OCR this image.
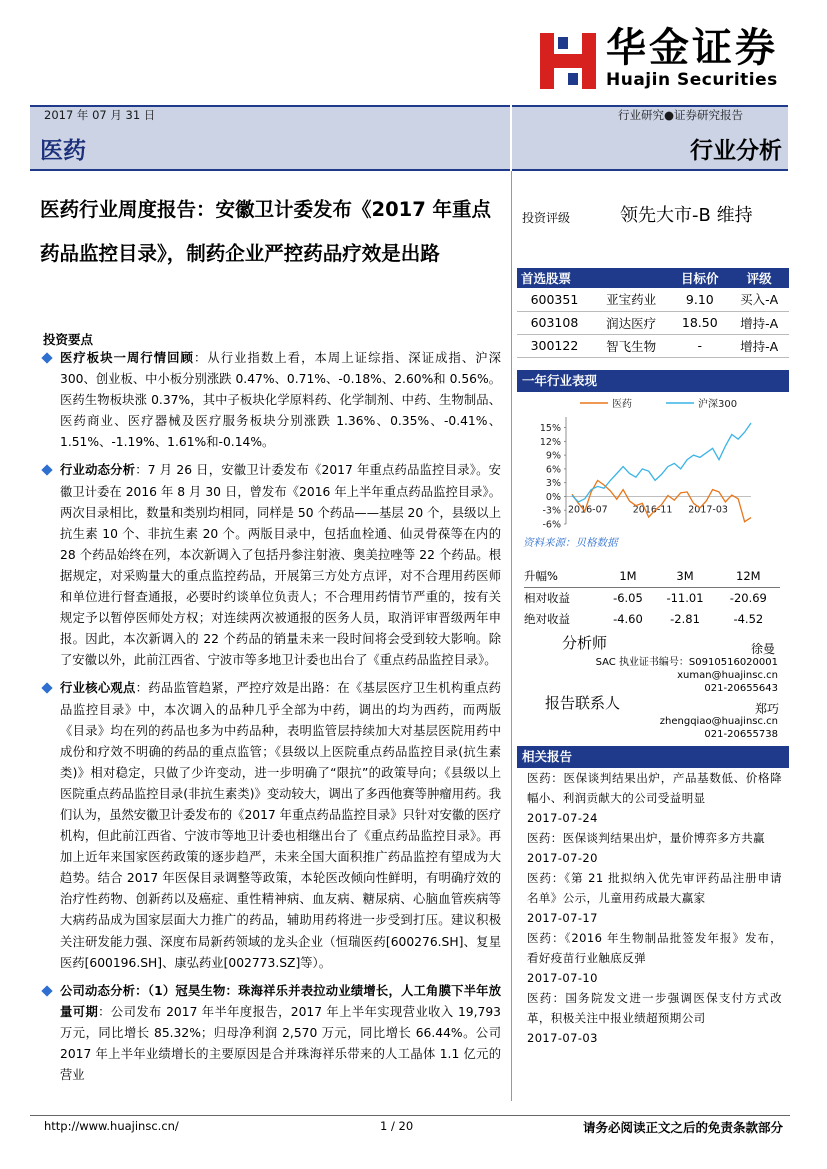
华金证券
Huajin Securities
2017 年 07 月 31 日
医药
行业研究●证券研究报告
行业分析
医药行业周度报告：安徽卫计委发布《2017 年重点药品监控目录》，制药企业严控药品疗效是出路
投资要点

医疗板块一周行情回顾：从行业指数上看，本周上证综指、深证成指、沪深 300、创业板、中小板分别涨跌 0.47%、0.71%、-0.18%、2.60%和 0.56%。医药生物板块涨 0.37%，其中子板块化学原料药、化学制剂、中药、生物制品、医药商业、医疗器械及医疗服务板块分别涨跌 1.36%、0.35%、-0.41%、1.51%、-1.19%、1.61%和-0.14%。

行业动态分析：7 月 26 日，安徽卫计委发布《2017 年重点药品监控目录》。安徽卫计委在 2016 年 8 月 30 日，曾发布《2016 年上半年重点药品监控目录》。两次目录相比，数量和类别均相同，同样是 50 个药品——基层 20 个，县级以上抗生素 10 个、非抗生素 20 个。两版目录中，包括血栓通、仙灵骨葆等在内的 28 个药品始终在列，本次新调入了包括丹参注射液、奥美拉唑等 22 个药品。根据规定，对采购量大的重点监控药品，开展第三方处方点评，对不合理用药医师和单位进行督查通报，必要时约谈单位负责人；不合理用药情节严重的，按有关规定予以暂停医师处方权；对连续两次被通报的医务人员，取消评审晋级两年申报。因此，本次新调入的 22 个药品的销量未来一段时间将会受到较大影响。除了安徽以外，此前江西省、宁波市等多地卫计委也出台了《重点药品监控目录》。

行业核心观点：药品监管趋紧，严控疗效是出路：在《基层医疗卫生机构重点药品监控目录》中，本次调入的品种几乎全部为中药，调出的均为西药，而两版《目录》均在列的药品也多为中药品种，表明监管层持续加大对基层医院用药中成份和疗效不明确的药品的重点监管；《县级以上医院重点药品监控目录(抗生素类)》相对稳定，只做了少许变动，进一步明确了“限抗”的政策导向；《县级以上医院重点药品监控目录(非抗生素类)》变动较大，调出了多西他赛等肿瘤用药。我们认为，虽然安徽卫计委发布的《2017 年重点药品监控目录》只针对安徽的医疗机构，但此前江西省、宁波市等地卫计委也相继出台了《重点药品监控目录》。再加上近年来国家医药政策的逐步趋严，未来全国大面积推广药品监控有望成为大趋势。结合 2017 年医保目录调整等政策，本轮医改倾向性鲜明，有明确疗效的治疗性药物、创新药以及癌症、重性精神病、血友病、糖尿病、心脑血管疾病等大病药品成为国家层面大力推广的药品，辅助用药将进一步受到打压。建议积极关注研发能力强、深度布局新药领域的龙头企业（恒瑞医药[600276.SH]、复星医药[600196.SH]、康弘药业[002773.SZ]等）。

公司动态分析：（1）冠昊生物：珠海祥乐并表拉动业绩增长，人工角膜下半年放量可期：公司发布 2017 年半年度报告，2017 年上半年实现营业收入 19,793 万元，同比增长 85.32%；归母净利润 2,570 万元，同比增长 66.44%。公司 2017 年上半年业绩增长的主要原因是合并珠海祥乐带来的人工晶体 1.1 亿元的营业

投资评级	领先大市-B 维持
首选股票		目标价	评级
600351	亚宝药业	9.10	买入-A
603108	润达医疗	18.50	增持-A
300122	智飞生物	-	增持-A
一年行业表现
医药	沪深300
15%
12%
9%
6%
3%
0%
-3%
-6%
2016-07	2016-11 2017-03
资料来源：贝格数据
升幅%	1M	3M	12M
相对收益	-6.05	-11.01	-20.69
绝对收益	-4.60	-2.81	-4.52
分析师	徐曼
SAC 执业证书编号：S0910516020001
xuman@huajinsc.cn
021-20655643
报告联系人	郑巧
zhengqiao@huajinsc.cn
021-20655738
相关报告
医药：医保谈判结果出炉，产品基数低、价格降幅小、利润贡献大的公司受益明显
2017-07-24
医药：医保谈判结果出炉，量价博弈多方共赢
2017-07-20
医药：《第 21 批拟纳入优先审评药品注册申请名单》公示，儿童用药成最大赢家
2017-07-17
医药：《2016 年生物制品批签发年报》发布，看好疫苗行业触底反弹
2017-07-10
医药：国务院发文进一步强调医保支付方式改革，积极关注中报业绩超预期公司
2017-07-03
http://www.huajinsc.cn/	1 / 20	请务必阅读正文之后的免责条款部分
